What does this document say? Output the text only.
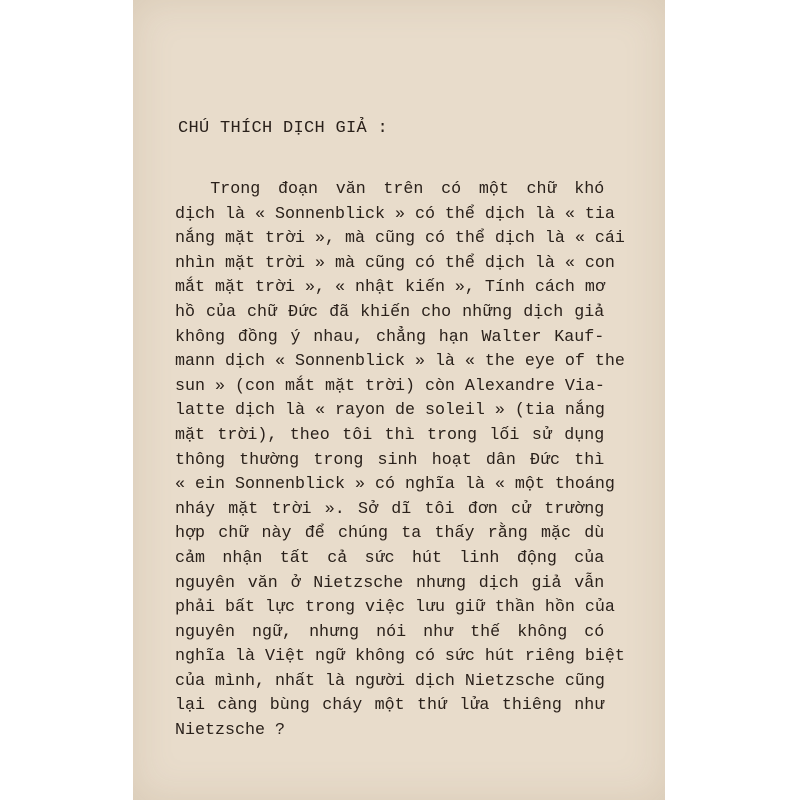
CHÚ THÍCH DỊCH GIẢ :
Trong đoạn văn trên có một chữ khó
dịch là « Sonnenblick » có thể dịch là « tia
nắng mặt trời », mà cũng có thể dịch là « cái
nhìn mặt trời » mà cũng có thể dịch là « con
mắt mặt trời », « nhật kiến », Tính cách mơ
hồ của chữ Đức đã khiến cho những dịch giả
không đồng ý nhau, chẳng hạn Walter Kauf-
mann dịch « Sonnenblick » là « the eye of the
sun » (con mắt mặt trời) còn Alexandre Via-
latte dịch là « rayon de soleil » (tia nắng
mặt trời), theo tôi thì trong lối sử dụng
thông thường trong sinh hoạt dân Đức thì
« ein Sonnenblick » có nghĩa là « một thoáng
nháy mặt trời ». Sở dĩ tôi đơn cử trường
hợp chữ này để chúng ta thấy rằng mặc dù
cảm nhận tất cả sức hút linh động của
nguyên văn ở Nietzsche nhưng dịch giả vẫn
phải bất lực trong việc lưu giữ thần hồn của
nguyên ngữ, nhưng nói như thế không có
nghĩa là Việt ngữ không có sức hút riêng biệt
của mình, nhất là người dịch Nietzsche cũng
lại càng bùng cháy một thứ lửa thiêng như
Nietzsche ?
